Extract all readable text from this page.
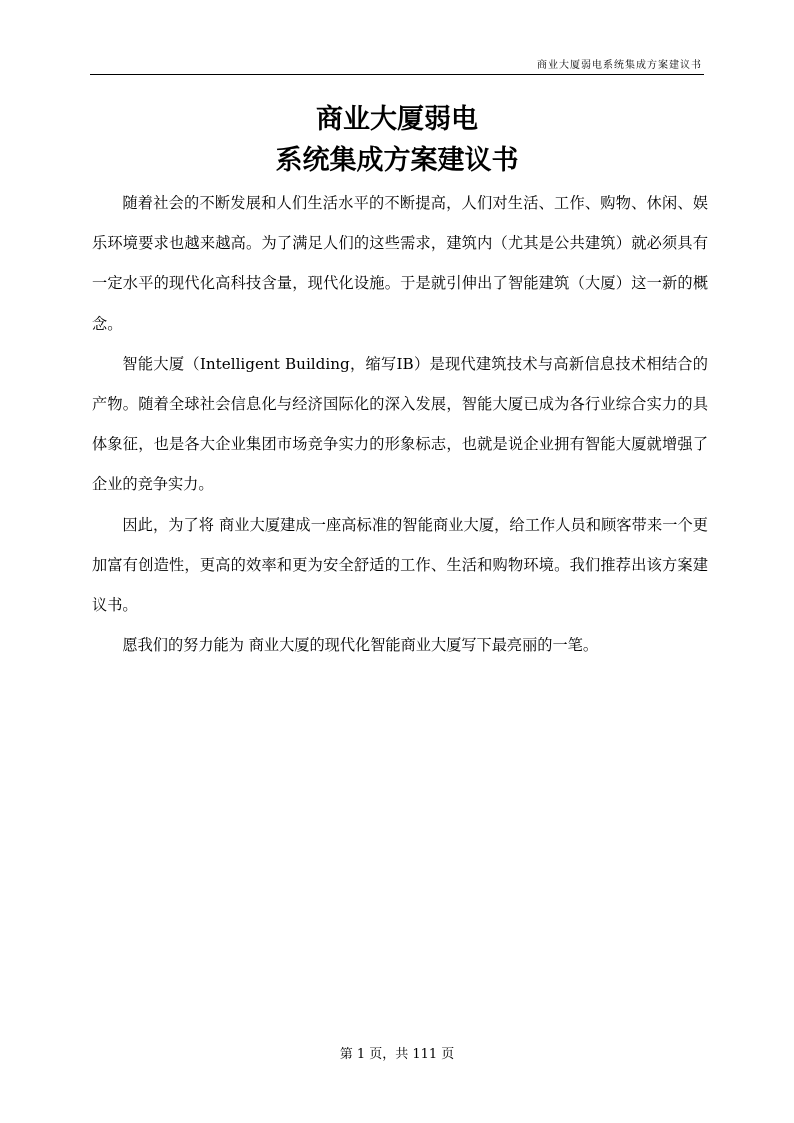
商业大厦弱电系统集成方案建议书
商业大厦弱电
系统集成方案建议书

随着社会的不断发展和人们生活水平的不断提高，人们对生活、工作、购物、休闲、娱乐环境要求也越来越高。为了满足人们的这些需求，建筑内（尤其是公共建筑）就必须具有一定水平的现代化高科技含量，现代化设施。于是就引伸出了智能建筑（大厦）这一新的概念。

智能大厦（Intelligent Building，缩写IB）是现代建筑技术与高新信息技术相结合的产物。随着全球社会信息化与经济国际化的深入发展，智能大厦已成为各行业综合实力的具体象征，也是各大企业集团市场竞争实力的形象标志，也就是说企业拥有智能大厦就增强了企业的竞争实力。

因此，为了将 商业大厦建成一座高标准的智能商业大厦，给工作人员和顾客带来一个更加富有创造性，更高的效率和更为安全舒适的工作、生活和购物环境。我们推荐出该方案建议书。

愿我们的努力能为 商业大厦的现代化智能商业大厦写下最亮丽的一笔。

第 1 页，共 111 页
